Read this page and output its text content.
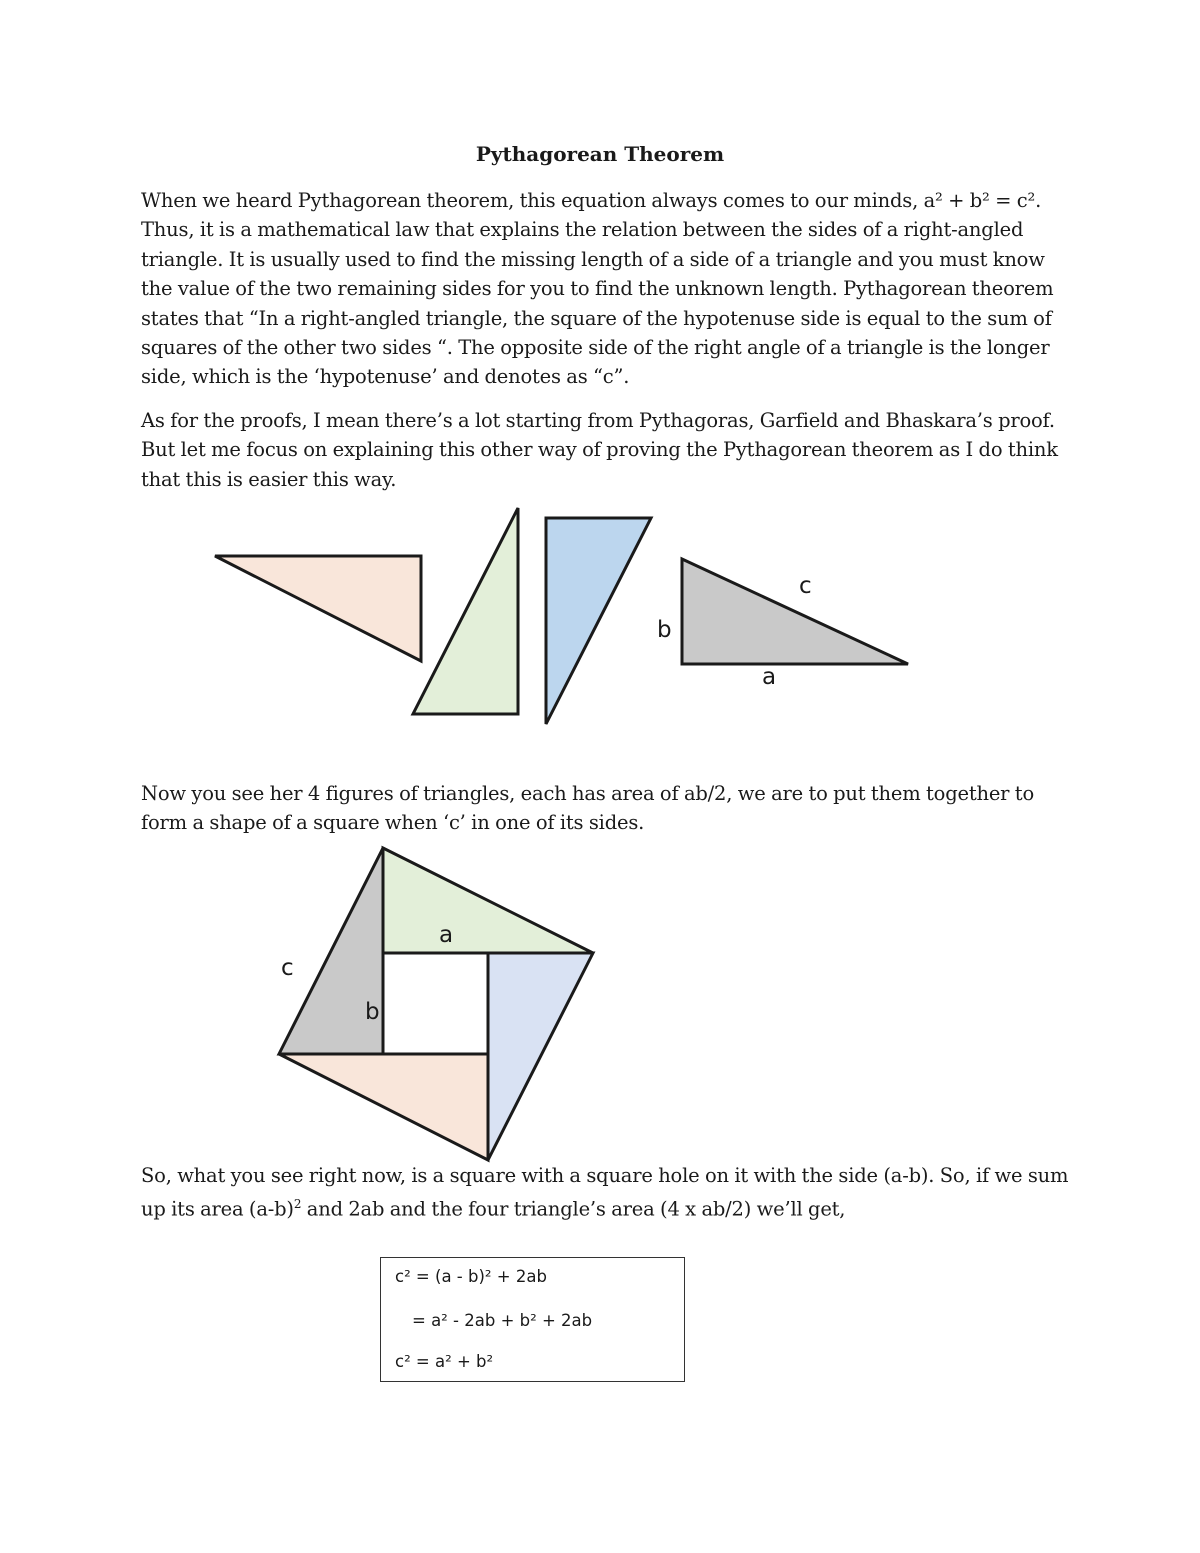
Pythagorean Theorem

When we heard Pythagorean theorem, this equation always comes to our minds, a² + b² = c². Thus, it is a mathematical law that explains the relation between the sides of a right-angled triangle. It is usually used to find the missing length of a side of a triangle and you must know the value of the two remaining sides for you to find the unknown length. Pythagorean theorem states that “In a right-angled triangle, the square of the hypotenuse side is equal to the sum of squares of the other two sides “. The opposite side of the right angle of a triangle is the longer side, which is the ‘hypotenuse’ and denotes as “c”.

As for the proofs, I mean there’s a lot starting from Pythagoras, Garfield and Bhaskara’s proof. But let me focus on explaining this other way of proving the Pythagorean theorem as I do think that this is easier this way.

c
b
a

Now you see her 4 figures of triangles, each has area of ab/2, we are to put them together to form a shape of a square when ‘c’ in one of its sides.

a
c
b

So, what you see right now, is a square with a square hole on it with the side (a-b). So, if we sum up its area $(a-b)^2$ and 2ab and the four triangle’s area (4 x ab/2) we’ll get,

c² = (a - b)² + 2ab
= a² - 2ab + b² + 2ab
c² = a² + b²
